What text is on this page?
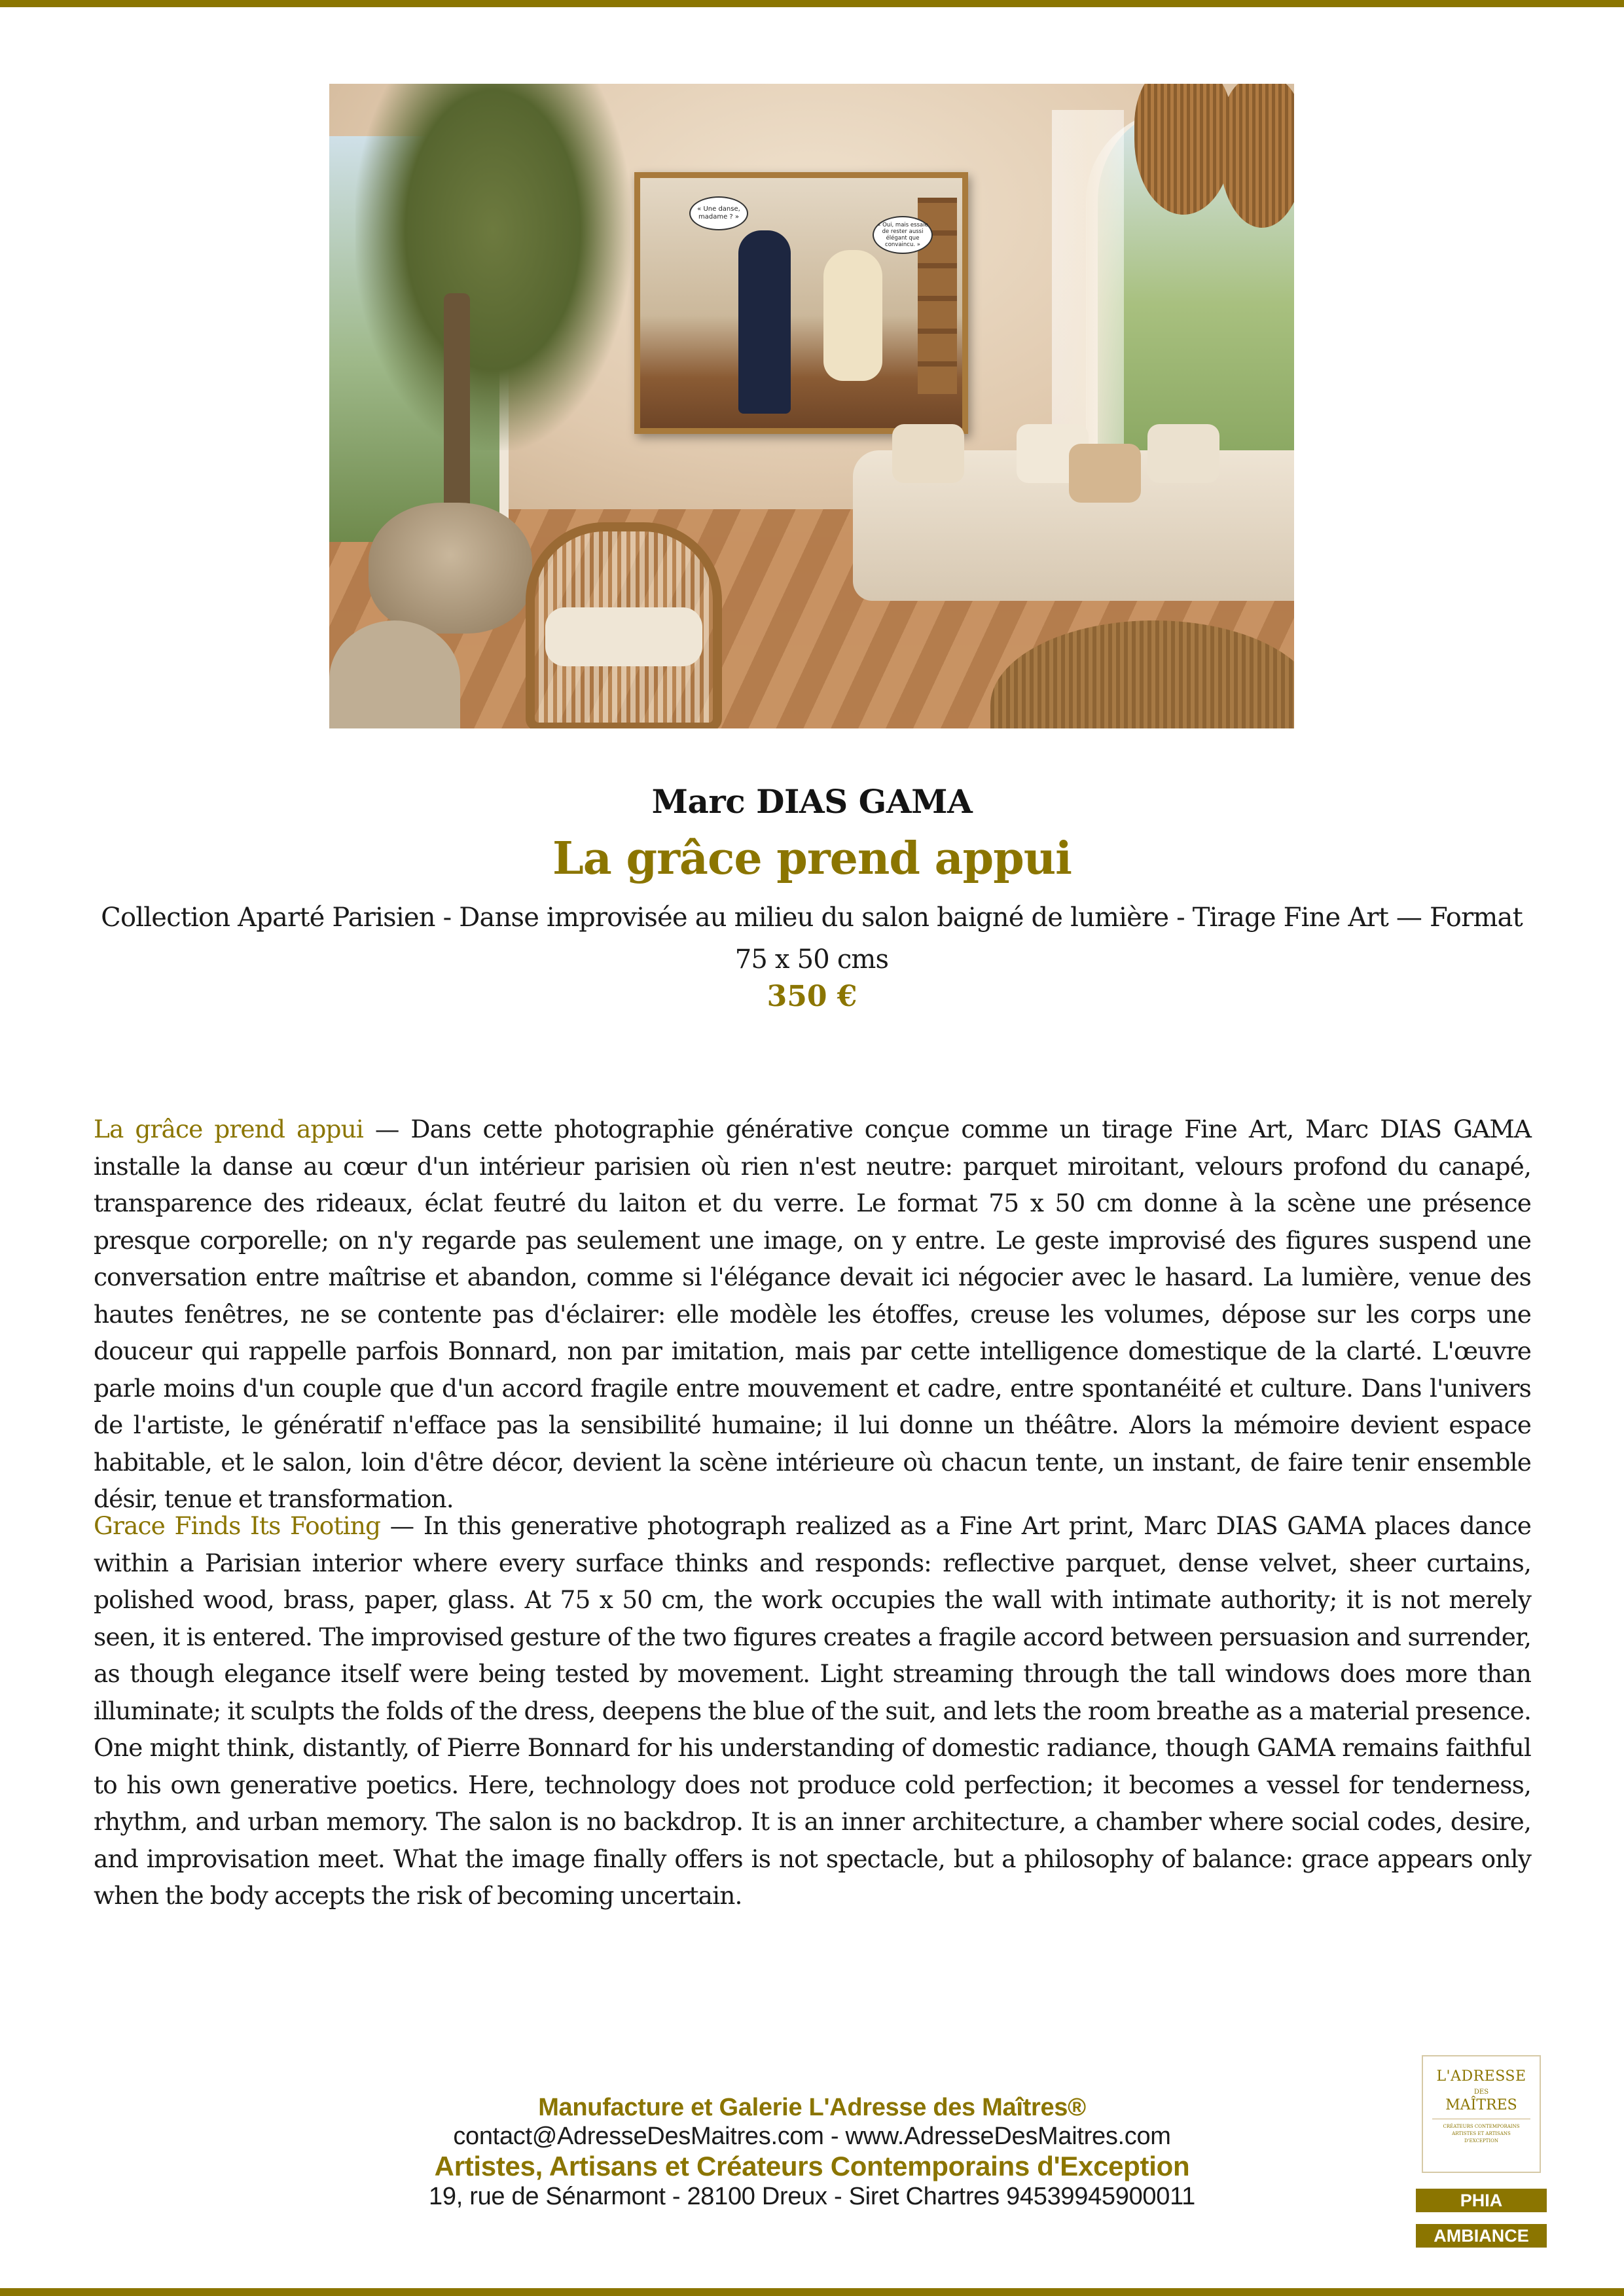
« Une danse, madame ? »
« Oui, mais essaie de rester aussi élégant que convaincu. »
Marc DIAS GAMA
La grâce prend appui
Collection Aparté Parisien - Danse improvisée au milieu du salon baigné de lumière - Tirage Fine Art — Format 75 x 50 cms
350 €
La grâce prend appui — Dans cette photographie générative conçue comme un tirage Fine Art, Marc DIAS GAMA installe la danse au cœur d'un intérieur parisien où rien n'est neutre: parquet miroitant, velours profond du canapé, transparence des rideaux, éclat feutré du laiton et du verre. Le format 75 x 50 cm donne à la scène une présence presque corporelle; on n'y regarde pas seulement une image, on y entre. Le geste improvisé des figures suspend une conversation entre maîtrise et abandon, comme si l'élégance devait ici négocier avec le hasard. La lumière, venue des hautes fenêtres, ne se contente pas d'éclairer: elle modèle les étoffes, creuse les volumes, dépose sur les corps une douceur qui rappelle parfois Bonnard, non par imitation, mais par cette intelligence domestique de la clarté. L'œuvre parle moins d'un couple que d'un accord fragile entre mouvement et cadre, entre spontanéité et culture. Dans l'univers de l'artiste, le génératif n'efface pas la sensibilité humaine; il lui donne un théâtre. Alors la mémoire devient espace habitable, et le salon, loin d'être décor, devient la scène intérieure où chacun tente, un instant, de faire tenir ensemble désir, tenue et transformation.
Grace Finds Its Footing — In this generative photograph realized as a Fine Art print, Marc DIAS GAMA places dance within a Parisian interior where every surface thinks and responds: reflective parquet, dense velvet, sheer curtains, polished wood, brass, paper, glass. At 75 x 50 cm, the work occupies the wall with intimate authority; it is not merely seen, it is entered. The improvised gesture of the two figures creates a fragile accord between persuasion and surrender, as though elegance itself were being tested by movement. Light streaming through the tall windows does more than illuminate; it sculpts the folds of the dress, deepens the blue of the suit, and lets the room breathe as a material presence. One might think, distantly, of Pierre Bonnard for his understanding of domestic radiance, though GAMA remains faithful to his own generative poetics. Here, technology does not produce cold perfection; it becomes a vessel for tenderness, rhythm, and urban memory. The salon is no backdrop. It is an inner architecture, a chamber where social codes, desire, and improvisation meet. What the image finally offers is not spectacle, but a philosophy of balance: grace appears only when the body accepts the risk of becoming uncertain.
Manufacture et Galerie L'Adresse des Maîtres®
contact@AdresseDesMaitres.com - www.AdresseDesMaitres.com
Artistes, Artisans et Créateurs Contemporains d'Exception
19, rue de Sénarmont - 28100 Dreux - Siret Chartres 94539945900011
L'ADRESSE
DES
MAÎTRES
CRÉATEURS CONTEMPORAINS
ARTISTES ET ARTISANS
D'EXCEPTION
PHIA
AMBIANCE
